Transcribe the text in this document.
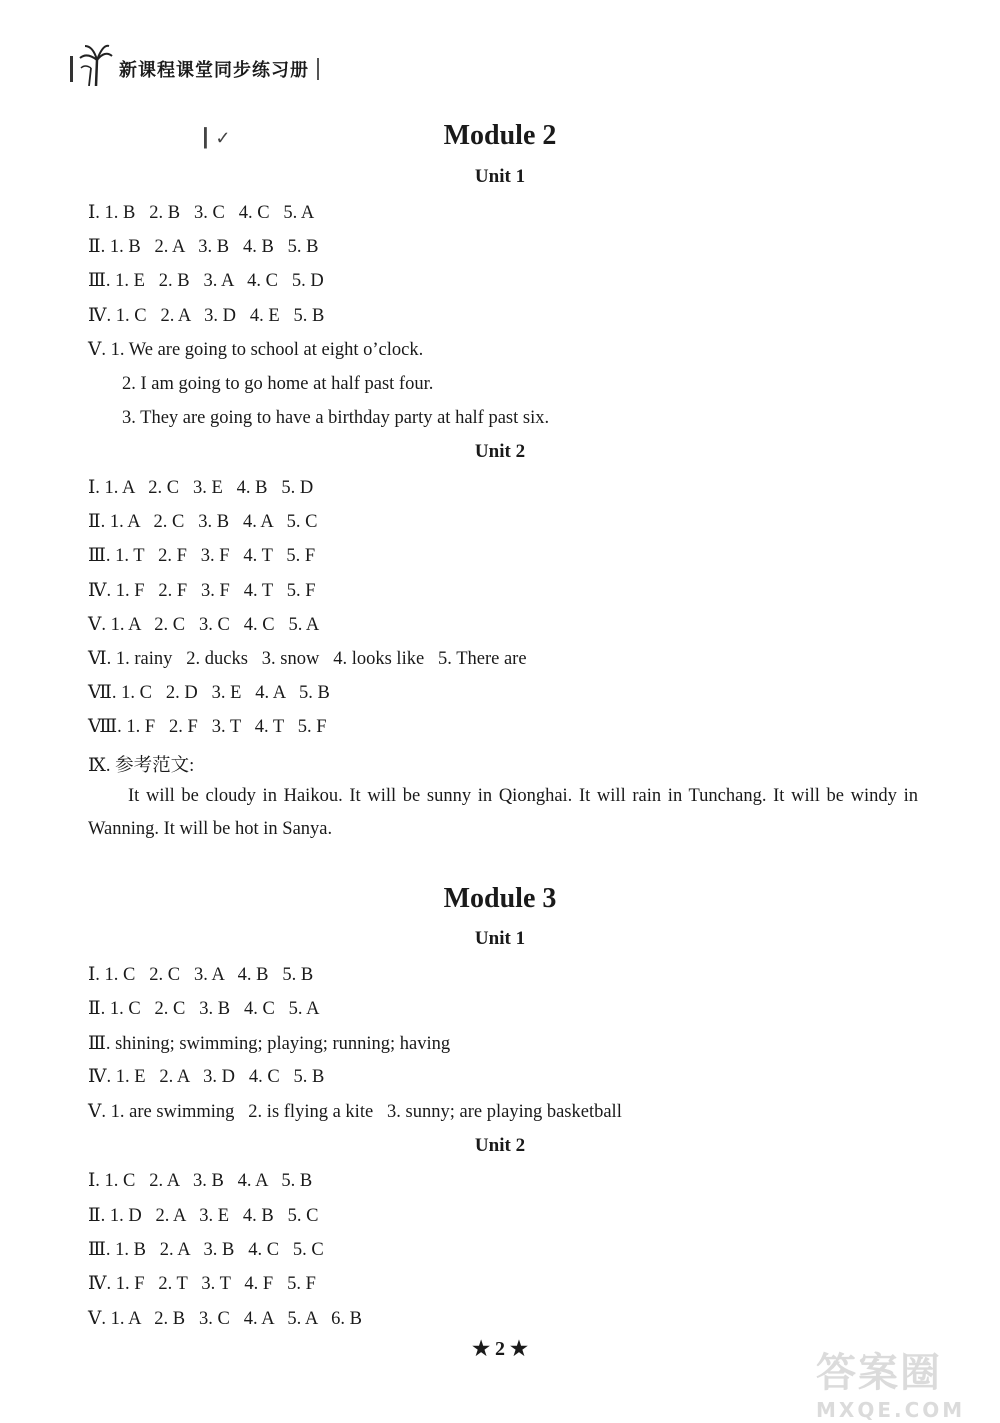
新课程课堂同步练习册
┃ ✓	Module 2
Unit 1
Ⅰ. 1. B   2. B   3. C   4. C   5. A
Ⅱ. 1. B   2. A   3. B   4. B   5. B
Ⅲ. 1. E   2. B   3. A   4. C   5. D
Ⅳ. 1. C   2. A   3. D   4. E   5. B
Ⅴ. 1. We are going to school at eight o’clock.
2. I am going to go home at half past four.
3. They are going to have a birthday party at half past six.
Unit 2
Ⅰ. 1. A   2. C   3. E   4. B   5. D
Ⅱ. 1. A   2. C   3. B   4. A   5. C
Ⅲ. 1. T   2. F   3. F   4. T   5. F
Ⅳ. 1. F   2. F   3. F   4. T   5. F
Ⅴ. 1. A   2. C   3. C   4. C   5. A
Ⅵ. 1. rainy   2. ducks   3. snow   4. looks like   5. There are
Ⅶ. 1. C   2. D   3. E   4. A   5. B
Ⅷ. 1. F   2. F   3. T   4. T   5. F
Ⅸ. 参考范文:
It will be cloudy in Haikou. It will be sunny in Qionghai. It will rain in Tunchang. It will be windy in Wanning. It will be hot in Sanya.
Module 3
Unit 1
Ⅰ. 1. C   2. C   3. A   4. B   5. B
Ⅱ. 1. C   2. C   3. B   4. C   5. A
Ⅲ. shining; swimming; playing; running; having
Ⅳ. 1. E   2. A   3. D   4. C   5. B
Ⅴ. 1. are swimming   2. is flying a kite   3. sunny; are playing basketball
Unit 2
Ⅰ. 1. C   2. A   3. B   4. A   5. B
Ⅱ. 1. D   2. A   3. E   4. B   5. C
Ⅲ. 1. B   2. A   3. B   4. C   5. C
Ⅳ. 1. F   2. T   3. T   4. F   5. F
Ⅴ. 1. A   2. B   3. C   4. A   5. A   6. B
★ 2 ★
答案圈
MXQE.COM
